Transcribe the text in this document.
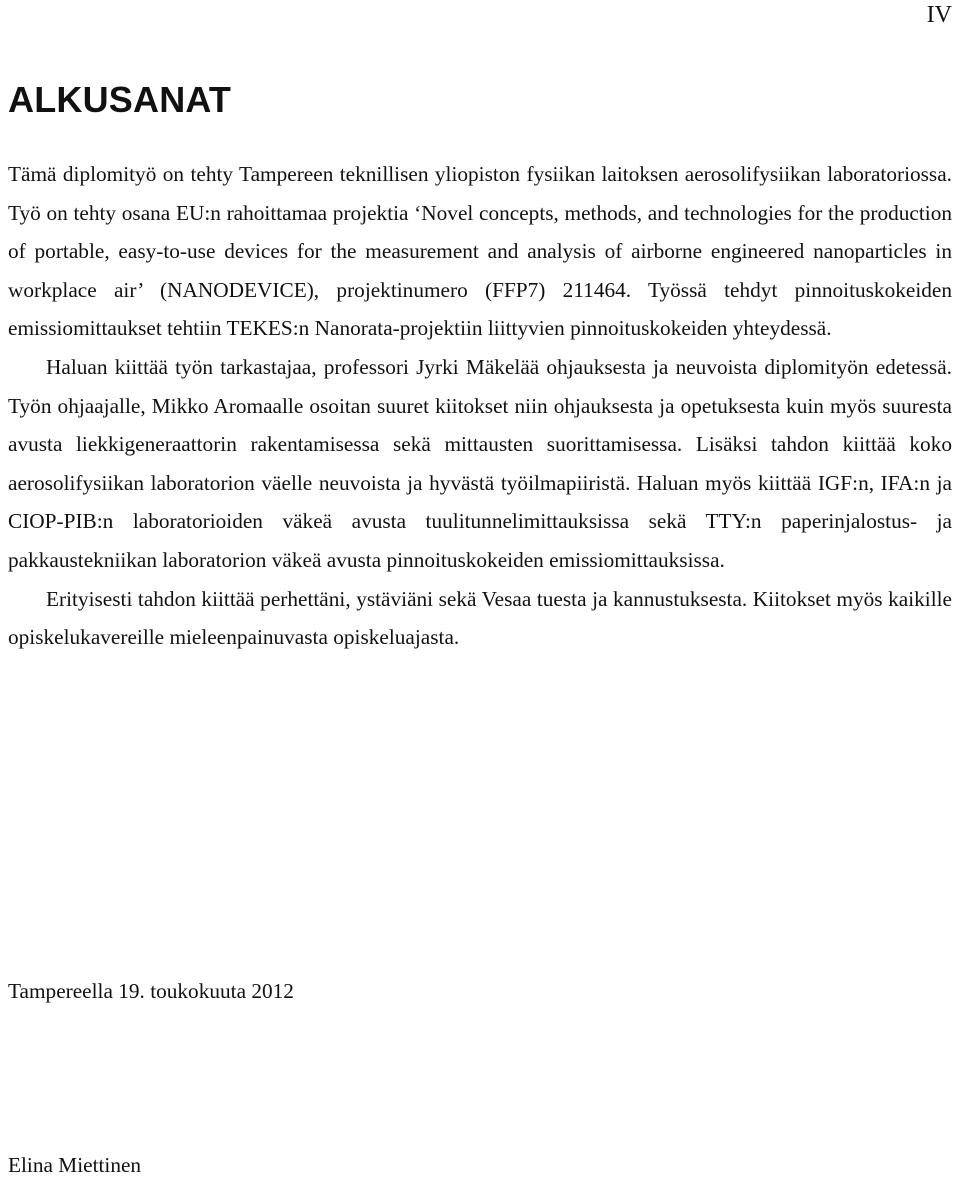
IV
ALKUSANAT

Tämä diplomityö on tehty Tampereen teknillisen yliopiston fysiikan laitoksen aerosolifysiikan laboratoriossa. Työ on tehty osana EU:n rahoittamaa projektia ‘Novel concepts, methods, and technologies for the production of portable, easy-to-use devices for the measurement and analysis of airborne engineered nanoparticles in workplace air’ (NANODEVICE), projektinumero (FFP7) 211464. Työssä tehdyt pinnoituskokeiden emissiomittaukset tehtiin TEKES:n Nanorata-projektiin liittyvien pinnoituskokeiden yhteydessä.

Haluan kiittää työn tarkastajaa, professori Jyrki Mäkelää ohjauksesta ja neuvoista diplomityön edetessä. Työn ohjaajalle, Mikko Aromaalle osoitan suuret kiitokset niin ohjauksesta ja opetuksesta kuin myös suuresta avusta liekkigeneraattorin rakentamisessa sekä mittausten suorittamisessa. Lisäksi tahdon kiittää koko aerosolifysiikan laboratorion väelle neuvoista ja hyvästä työilmapiiristä. Haluan myös kiittää IGF:n, IFA:n ja CIOP-PIB:n laboratorioiden väkeä avusta tuulitunnelimittauksissa sekä TTY:n paperinjalostus- ja pakkaustekniikan laboratorion väkeä avusta pinnoituskokeiden emissiomittauksissa.

Erityisesti tahdon kiittää perhettäni, ystäviäni sekä Vesaa tuesta ja kannustuksesta. Kiitokset myös kaikille opiskelukavereille mieleenpainuvasta opiskeluajasta.

Tampereella 19. toukokuuta 2012

Elina Miettinen
